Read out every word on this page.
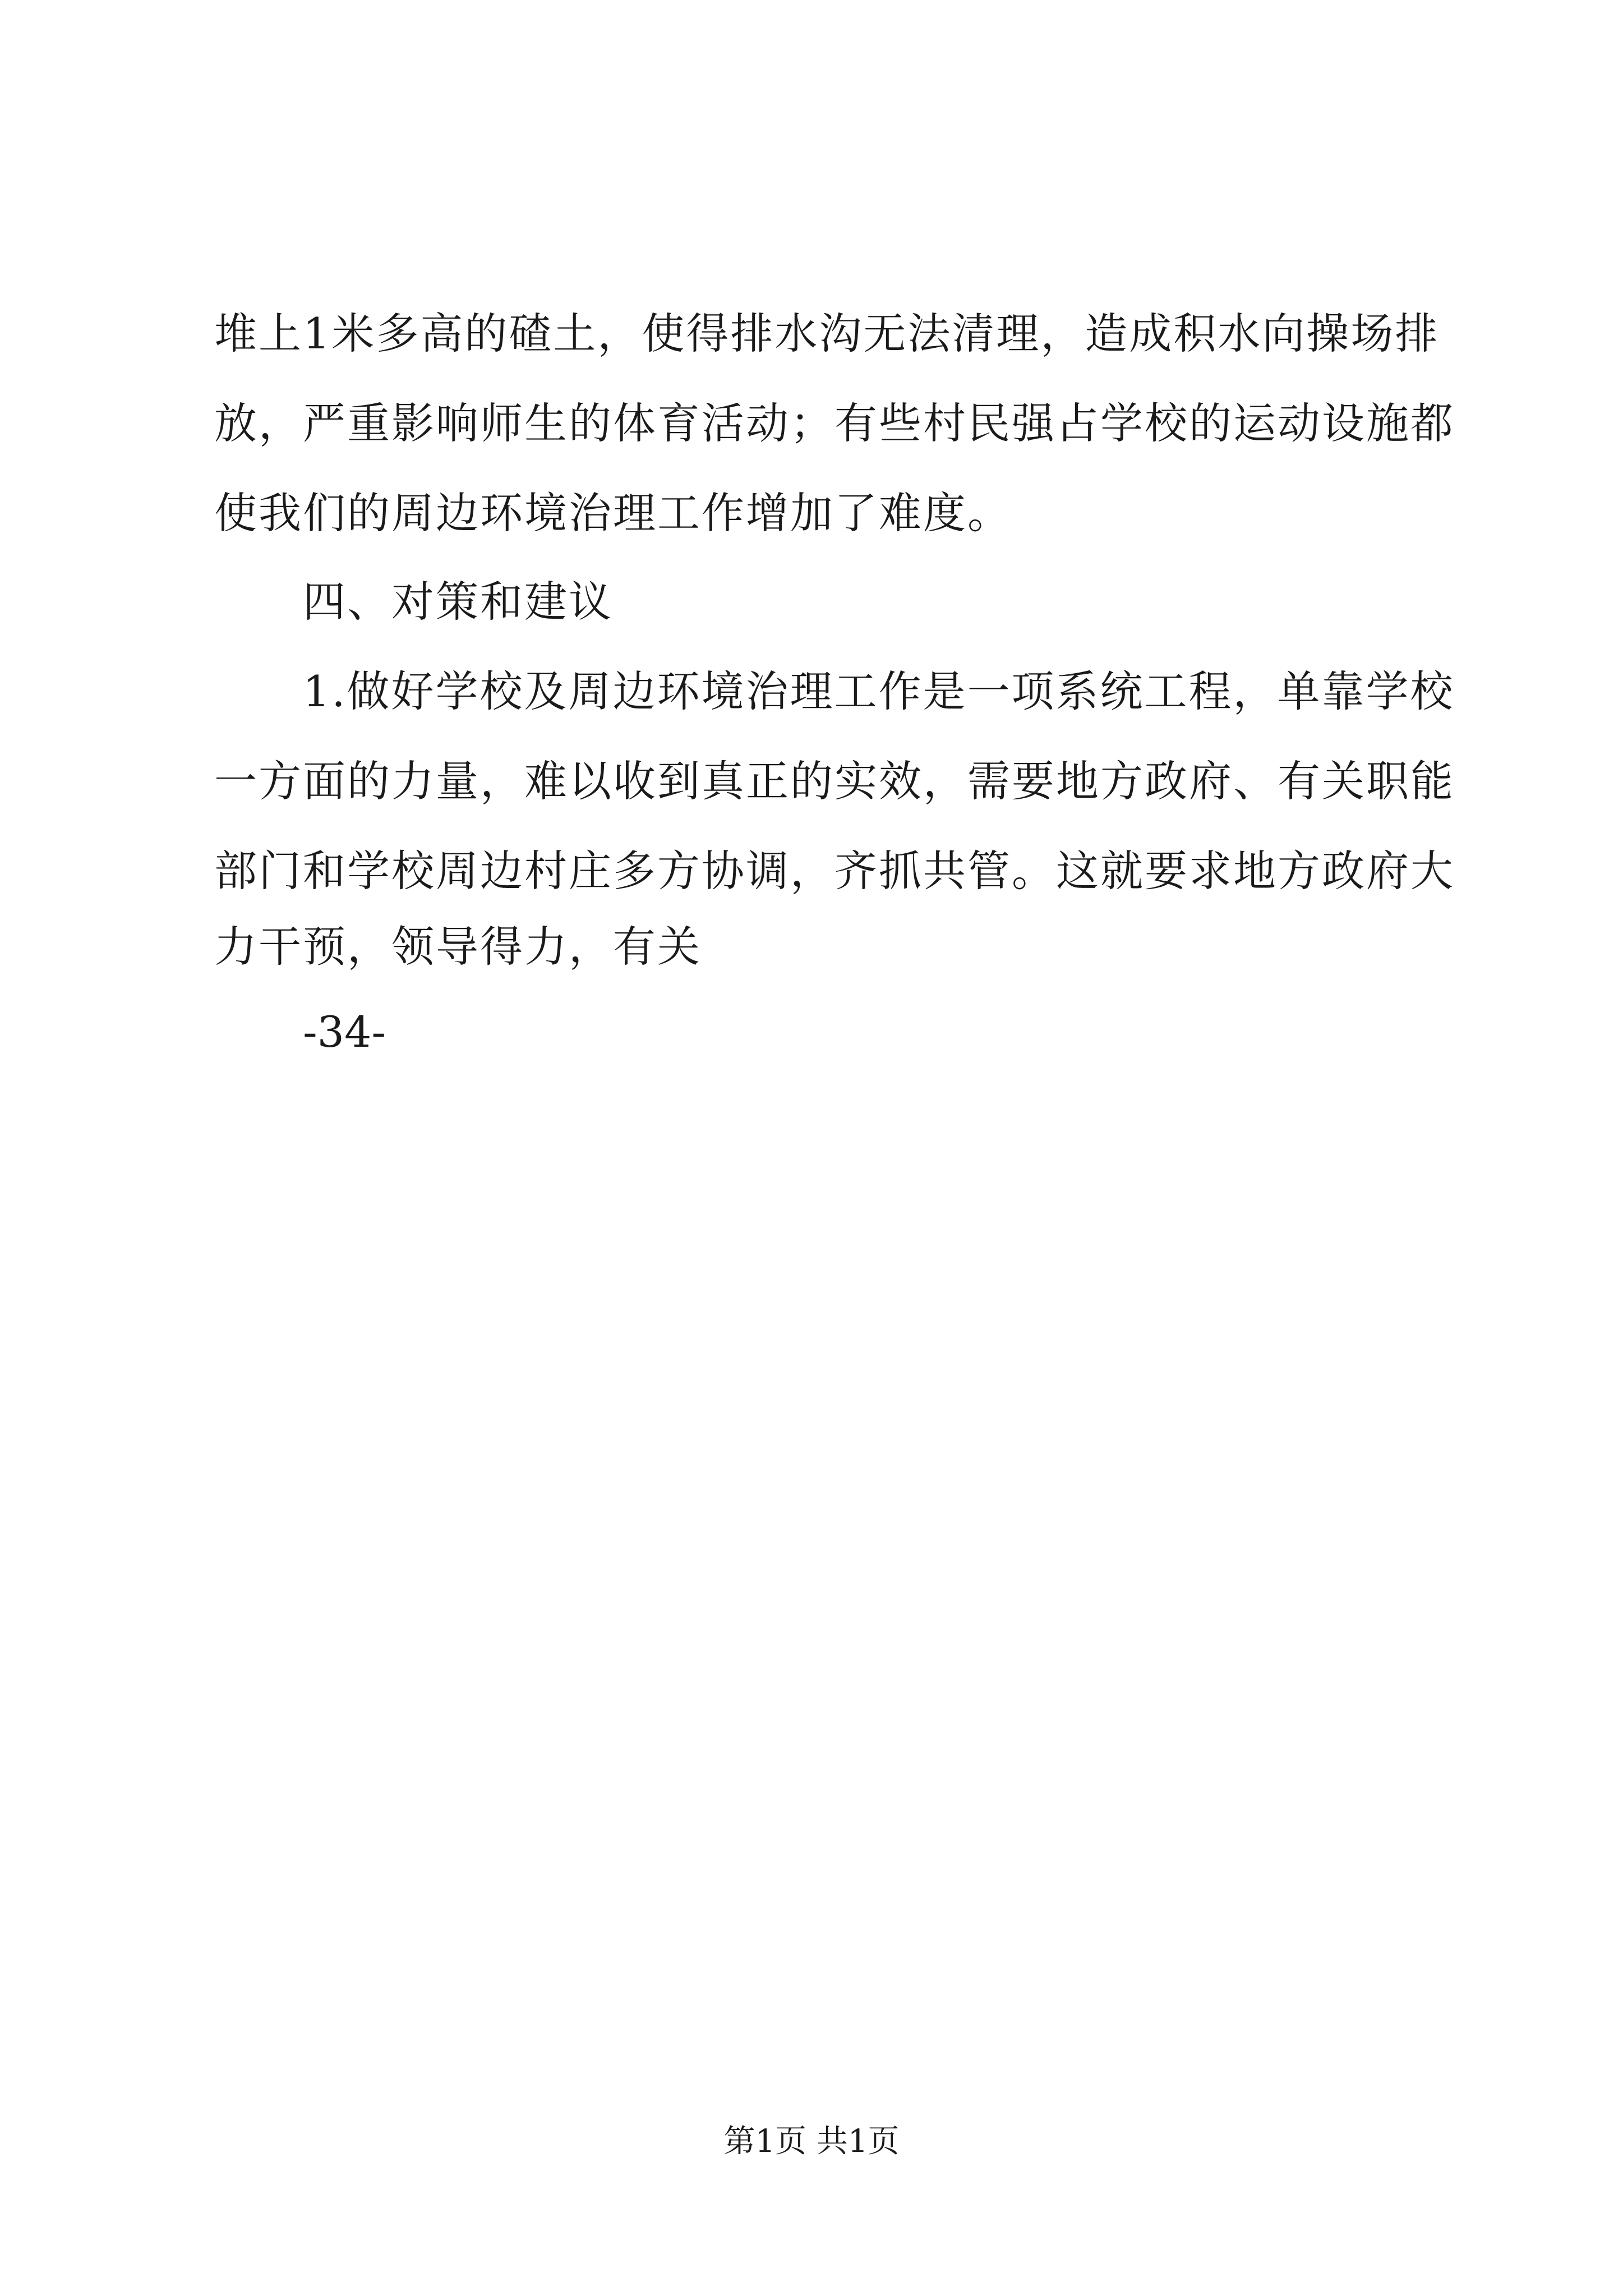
堆上1米多高的碴土，使得排水沟无法清理，造成积水向操场排
放，严重影响师生的体育活动；有些村民强占学校的运动设施都
使我们的周边环境治理工作增加了难度。
四、对策和建议
1.做好学校及周边环境治理工作是一项系统工程，单靠学校
一方面的力量，难以收到真正的实效，需要地方政府、有关职能
部门和学校周边村庄多方协调，齐抓共管。这就要求地方政府大
力干预，领导得力，有关
-34-
第1页 共1页
